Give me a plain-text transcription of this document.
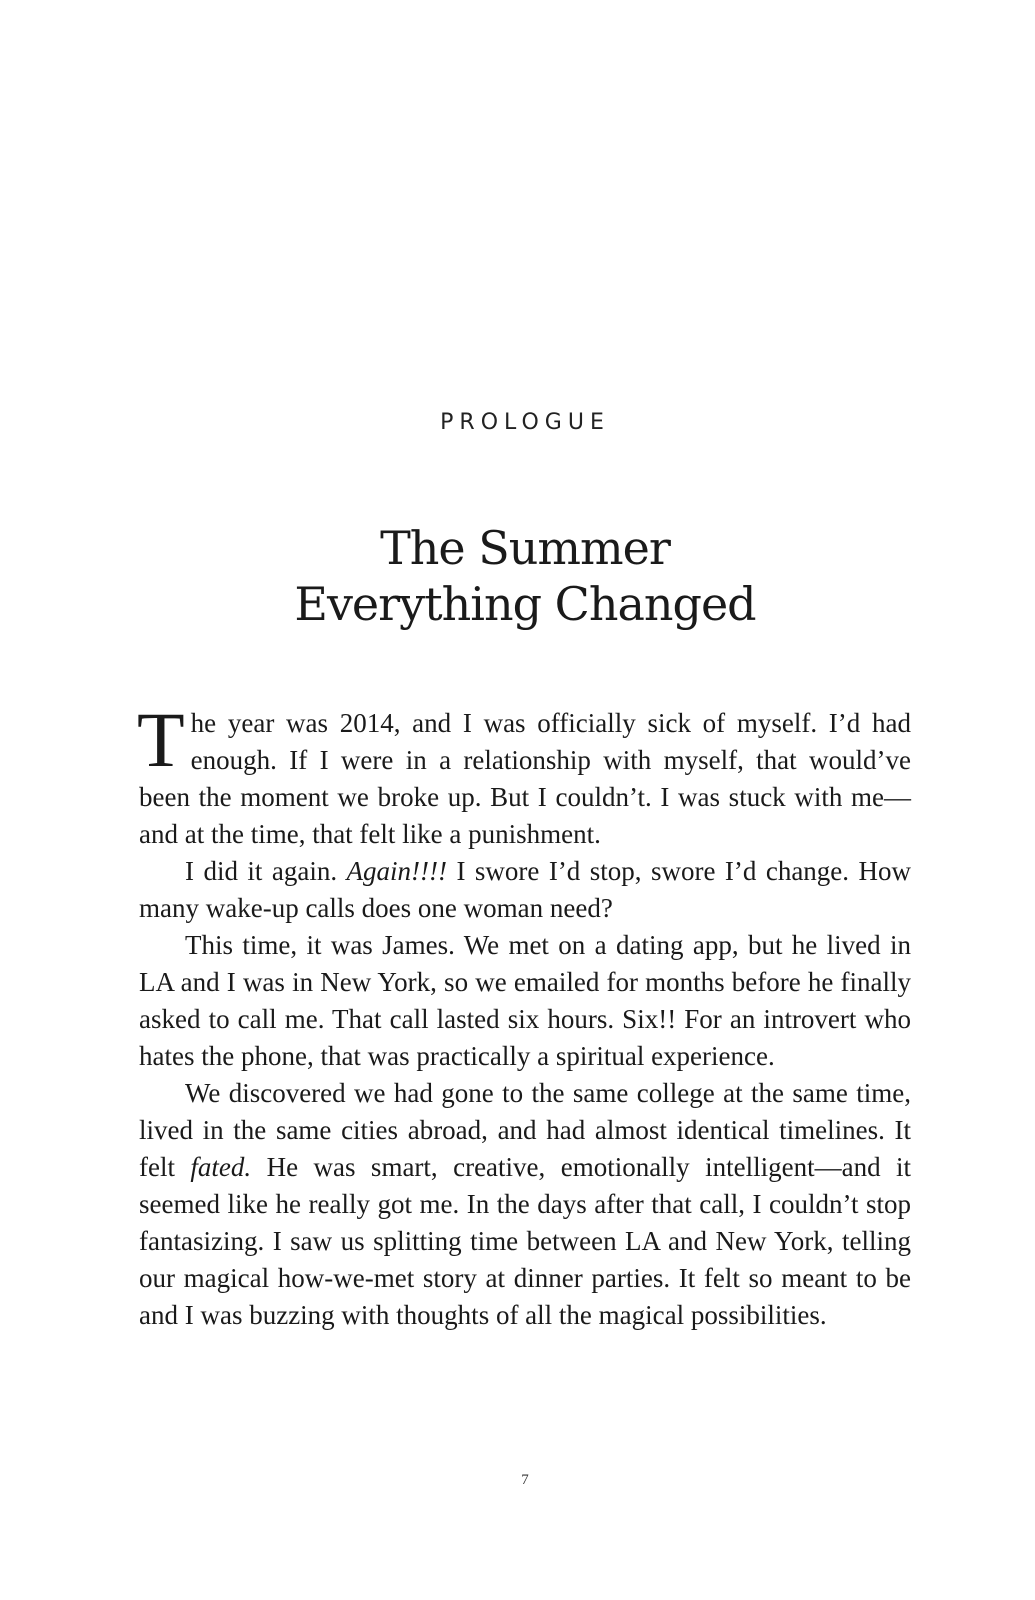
PROLOGUE
The Summer
Everything Changed

The year was 2014, and I was officially sick of myself. I’d had enough. If I were in a relationship with myself, that would’ve been the moment we broke up. But I couldn’t. I was stuck with me—and at the time, that felt like a punishment.

I did it again. Again!!!! I swore I’d stop, swore I’d change. How many wake-up calls does one woman need?

This time, it was James. We met on a dating app, but he lived in LA and I was in New York, so we emailed for months before he finally asked to call me. That call lasted six hours. Six!! For an introvert who hates the phone, that was practically a spiritual experience.

We discovered we had gone to the same college at the same time, lived in the same cities abroad, and had almost identical timelines. It felt fated. He was smart, creative, emotionally intelligent—and it seemed like he really got me. In the days after that call, I couldn’t stop fantasizing. I saw us splitting time between LA and New York, telling our magical how-we-met story at dinner parties. It felt so meant to be and I was buzzing with thoughts of all the magical possibilities.

7
